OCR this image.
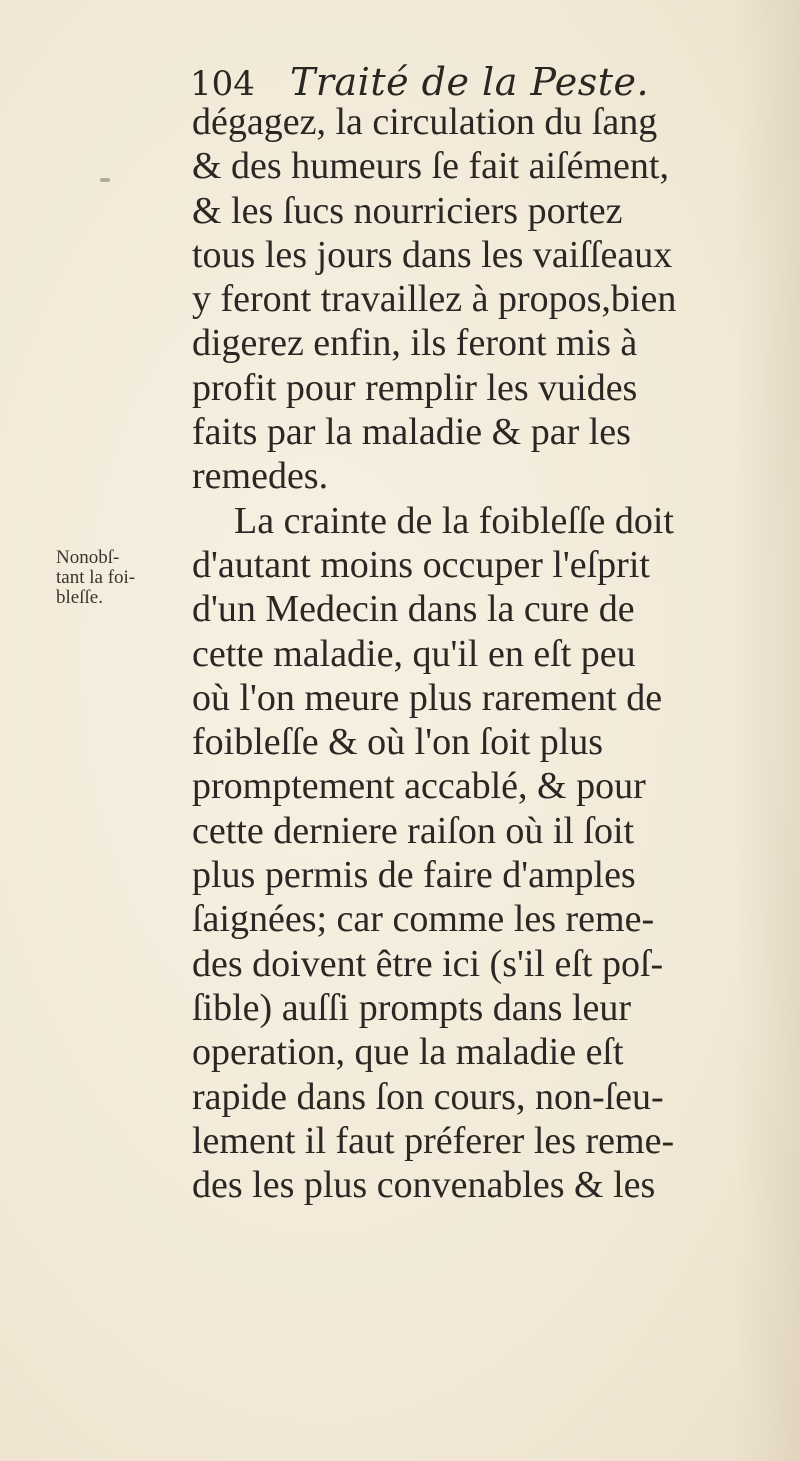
104 Traité de la Peste.
Nonobſ-
tant la foi-
bleſſe.
dégagez, la circulation du ſang
& des humeurs ſe fait aiſément,
& les ſucs nourriciers portez
tous les jours dans les vaiſſeaux
y feront travaillez à propos,bien
digerez enfin, ils feront mis à
profit pour remplir les vuides
faits par la maladie & par les
remedes.
La crainte de la foibleſſe doit
d'autant moins occuper l'eſprit
d'un Medecin dans la cure de
cette maladie, qu'il en eſt peu
où l'on meure plus rarement de
foibleſſe & où l'on ſoit plus
promptement accablé, & pour
cette derniere raiſon où il ſoit
plus permis de faire d'amples
ſaignées; car comme les reme-
des doivent être ici (s'il eſt poſ-
ſible) auſſi prompts dans leur
operation, que la maladie eſt
rapide dans ſon cours, non-ſeu-
lement il faut préferer les reme-
des les plus convenables & les
